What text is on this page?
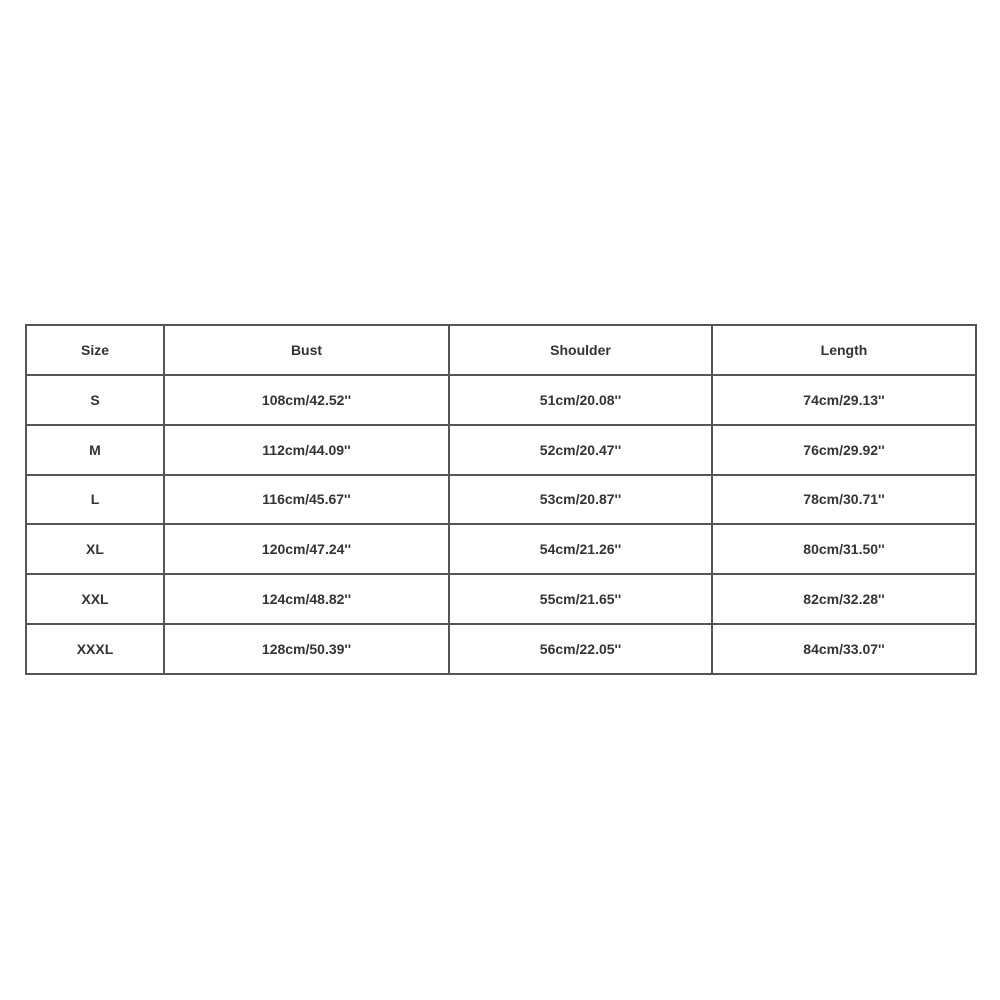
Size	Bust	Shoulder	Length
S	108cm/42.52''	51cm/20.08''	74cm/29.13''
M	112cm/44.09''	52cm/20.47''	76cm/29.92''
L	116cm/45.67''	53cm/20.87''	78cm/30.71''
XL	120cm/47.24''	54cm/21.26''	80cm/31.50''
XXL	124cm/48.82''	55cm/21.65''	82cm/32.28''
XXXL	128cm/50.39''	56cm/22.05''	84cm/33.07''
